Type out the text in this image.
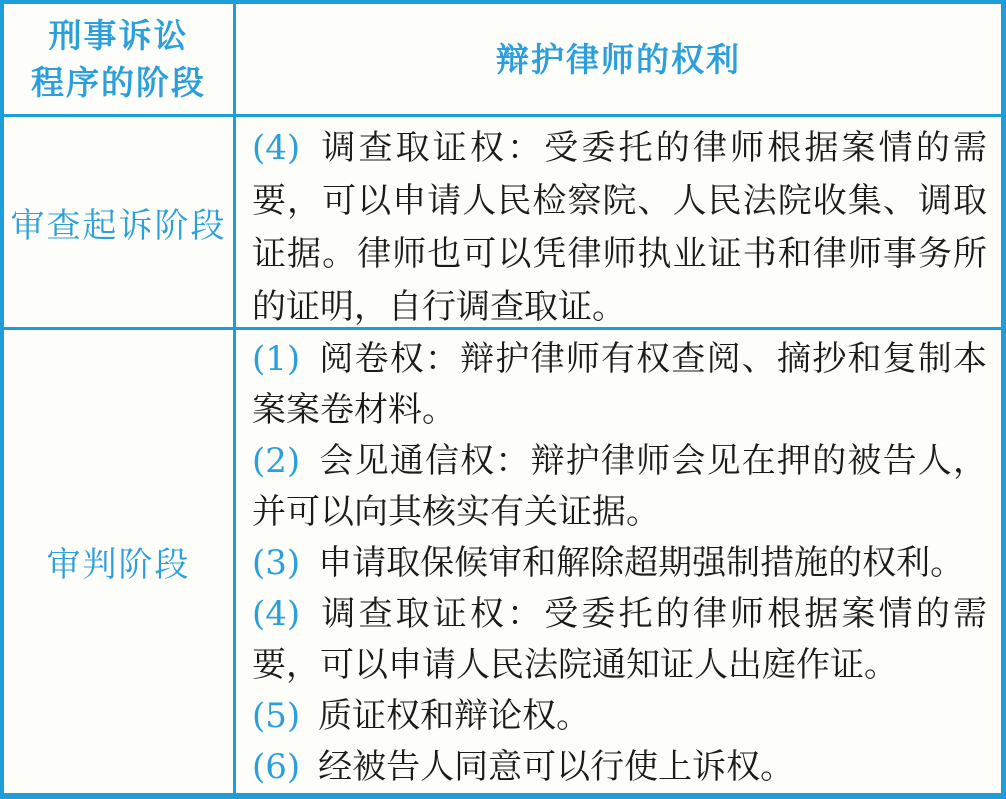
刑事诉讼
程序的阶段
辩护律师的权利
审查起诉阶段

(4) 调查取证权：受委托的律师根据案情的需要，可以申请人民检察院、人民法院收集、调取证据。律师也可以凭律师执业证书和律师事务所的证明，自行调查取证。

审判阶段

(1) 阅卷权：辩护律师有权查阅、摘抄和复制本案案卷材料。

(2) 会见通信权：辩护律师会见在押的被告人，并可以向其核实有关证据。

(3) 申请取保候审和解除超期强制措施的权利。

(4) 调查取证权：受委托的律师根据案情的需要，可以申请人民法院通知证人出庭作证。

(5) 质证权和辩论权。

(6) 经被告人同意可以行使上诉权。
